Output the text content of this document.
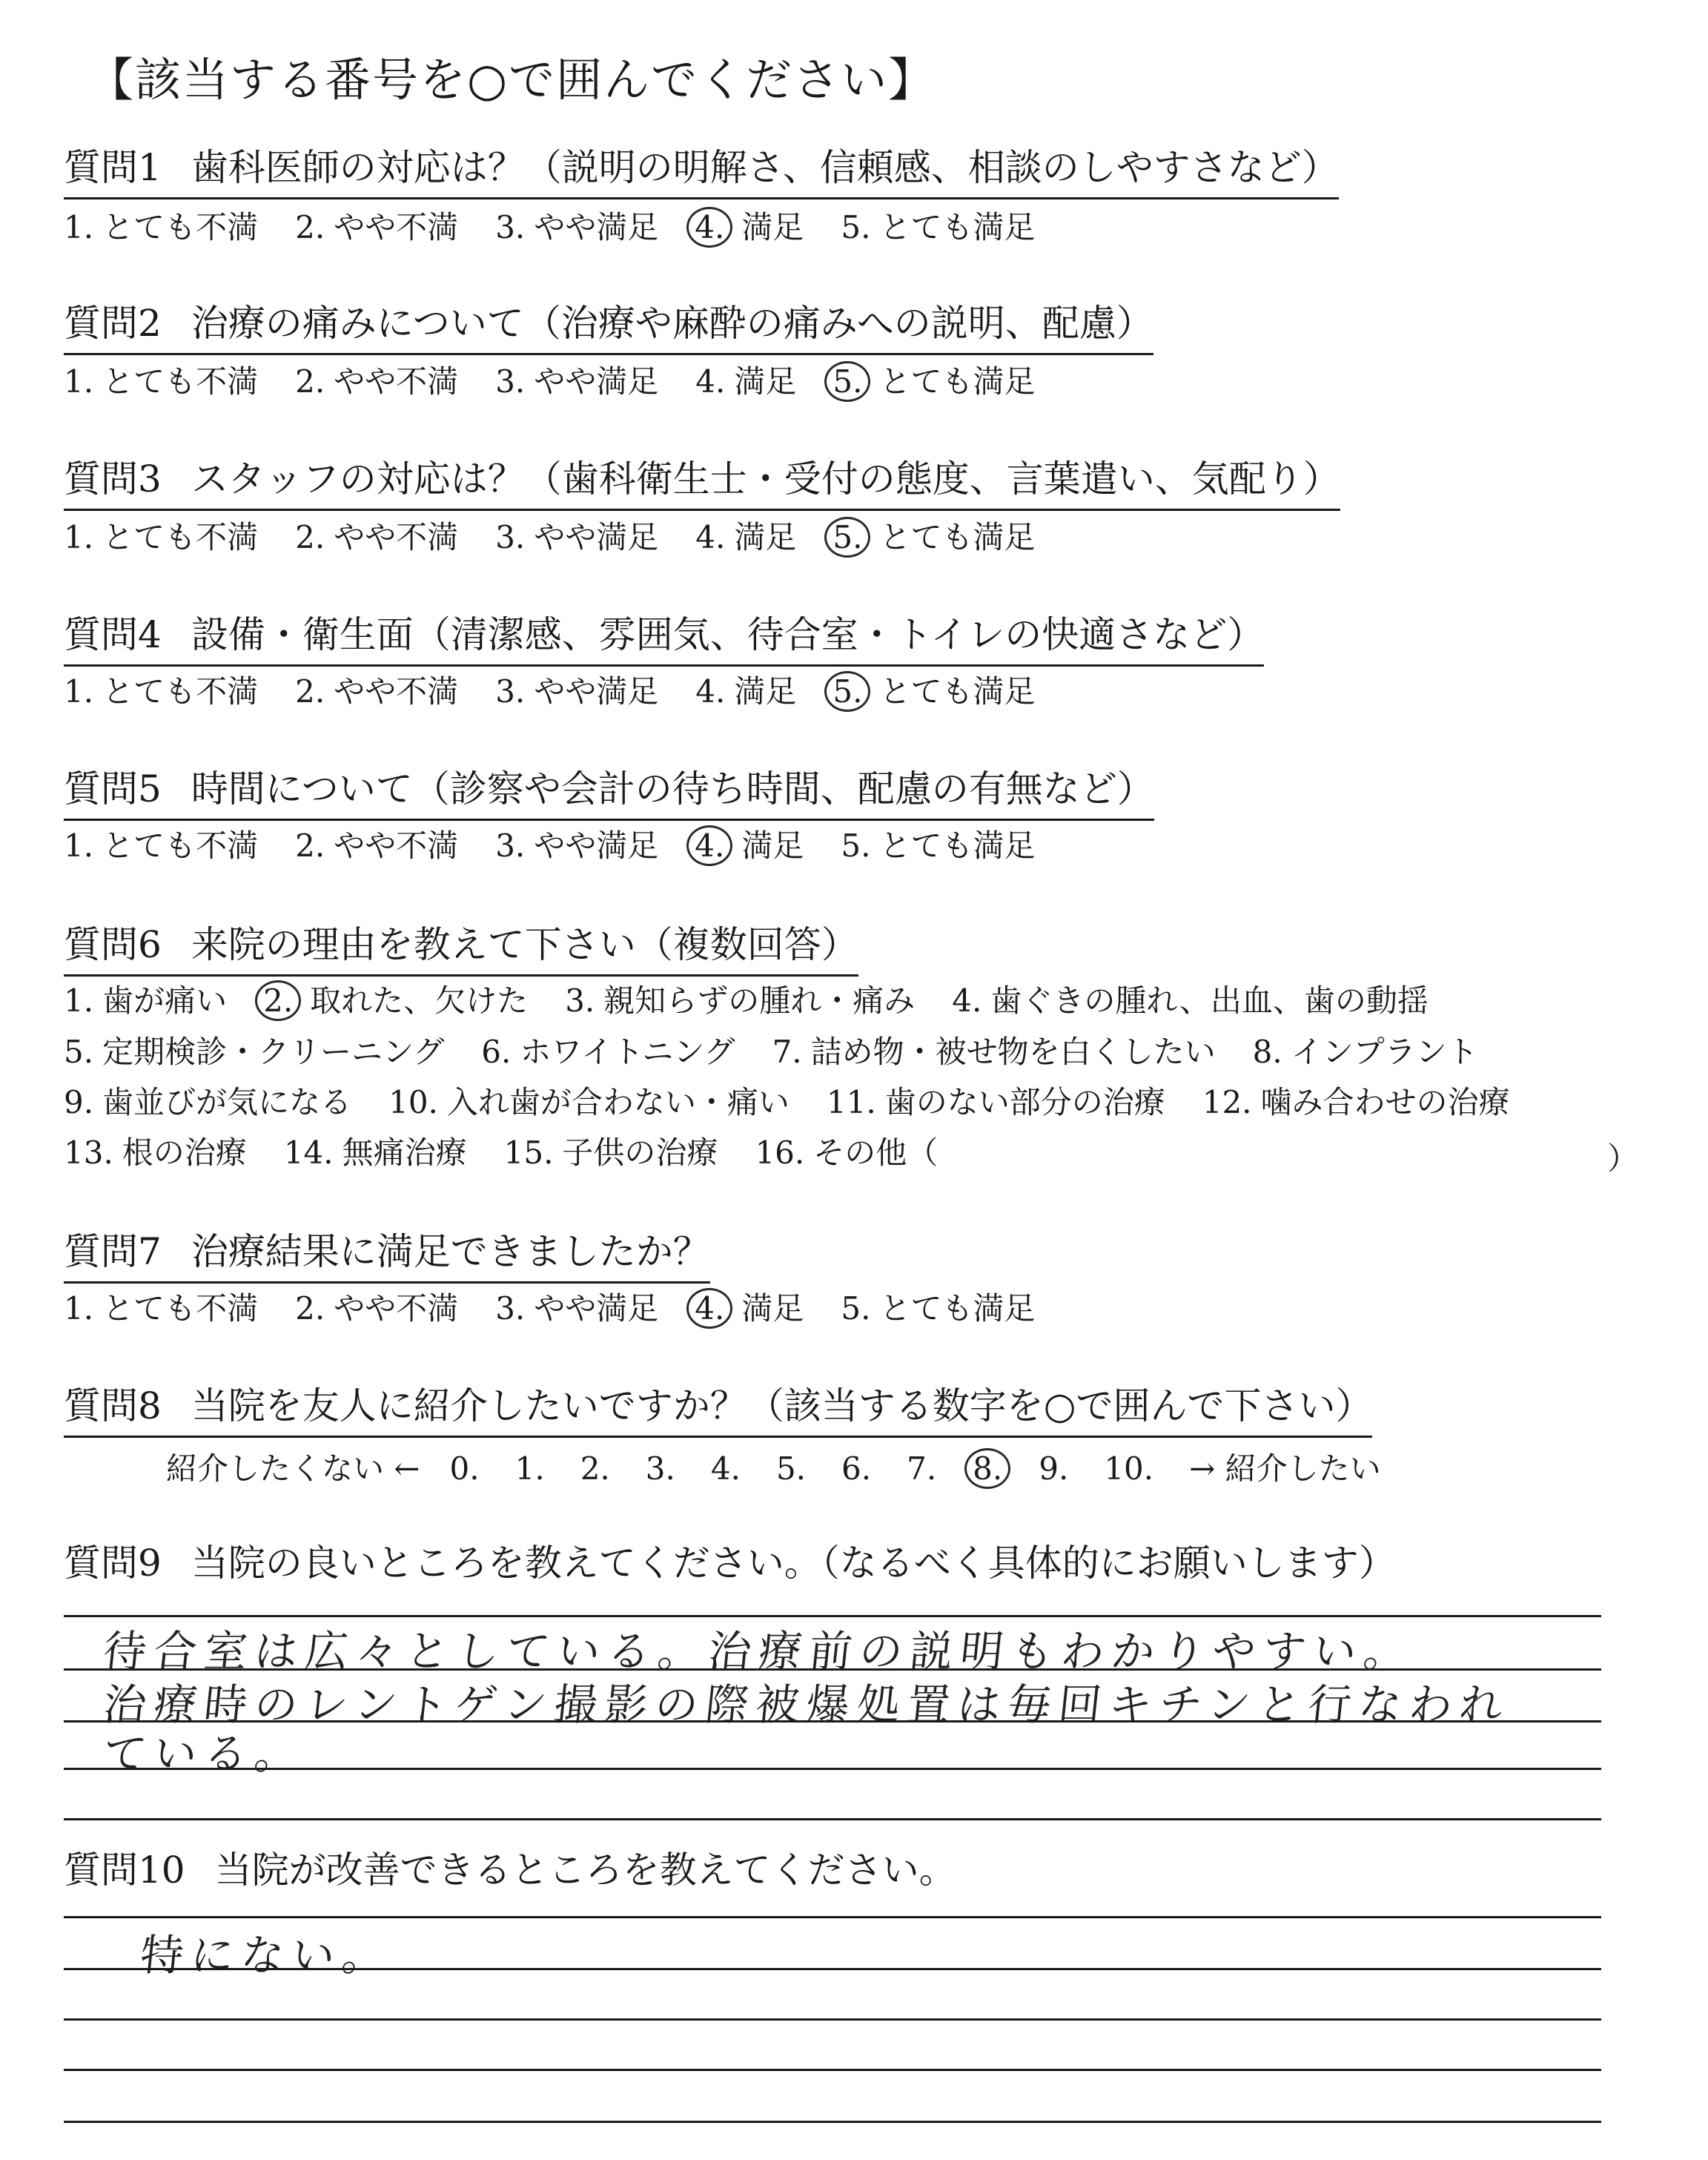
【該当する番号を○で囲んでください】
質問1 歯科医師の対応は？（説明の明解さ、信頼感、相談のしやすさなど）
1. とても不満 2. やや不満 3. やや満足 4. 満足 5. とても満足
質問2 治療の痛みについて（治療や麻酔の痛みへの説明、配慮）
1. とても不満 2. やや不満 3. やや満足 4. 満足 5. とても満足
質問3 スタッフの対応は？（歯科衛生士・受付の態度、言葉遣い、気配り）
1. とても不満 2. やや不満 3. やや満足 4. 満足 5. とても満足
質問4 設備・衛生面（清潔感、雰囲気、待合室・トイレの快適さなど）
1. とても不満 2. やや不満 3. やや満足 4. 満足 5. とても満足
質問5 時間について（診察や会計の待ち時間、配慮の有無など）
1. とても不満 2. やや不満 3. やや満足 4. 満足 5. とても満足
質問6 来院の理由を教えて下さい（複数回答）
1. 歯が痛い 2. 取れた、欠けた 3. 親知らずの腫れ・痛み 4. 歯ぐきの腫れ、出血、歯の動揺
5. 定期検診・クリーニング 6. ホワイトニング 7. 詰め物・被せ物を白くしたい 8. インプラント
9. 歯並びが気になる 10. 入れ歯が合わない・痛い 11. 歯のない部分の治療 12. 噛み合わせの治療
13. 根の治療 14. 無痛治療 15. 子供の治療 16. その他（	）
質問7 治療結果に満足できましたか？
1. とても不満 2. やや不満 3. やや満足 4. 満足 5. とても満足
質問8 当院を友人に紹介したいですか？（該当する数字を○で囲んで下さい）
紹介したくない ← 0. 1. 2. 3. 4. 5. 6. 7. 8. 9. 10. → 紹介したい
質問9 当院の良いところを教えてください。（なるべく具体的にお願いします）
待合室は広々としている。治療前の説明もわかりやすい。
治療時のレントゲン撮影の際被爆処置は毎回キチンと行なわれ
ている。
質問10 当院が改善できるところを教えてください。
特にない。
